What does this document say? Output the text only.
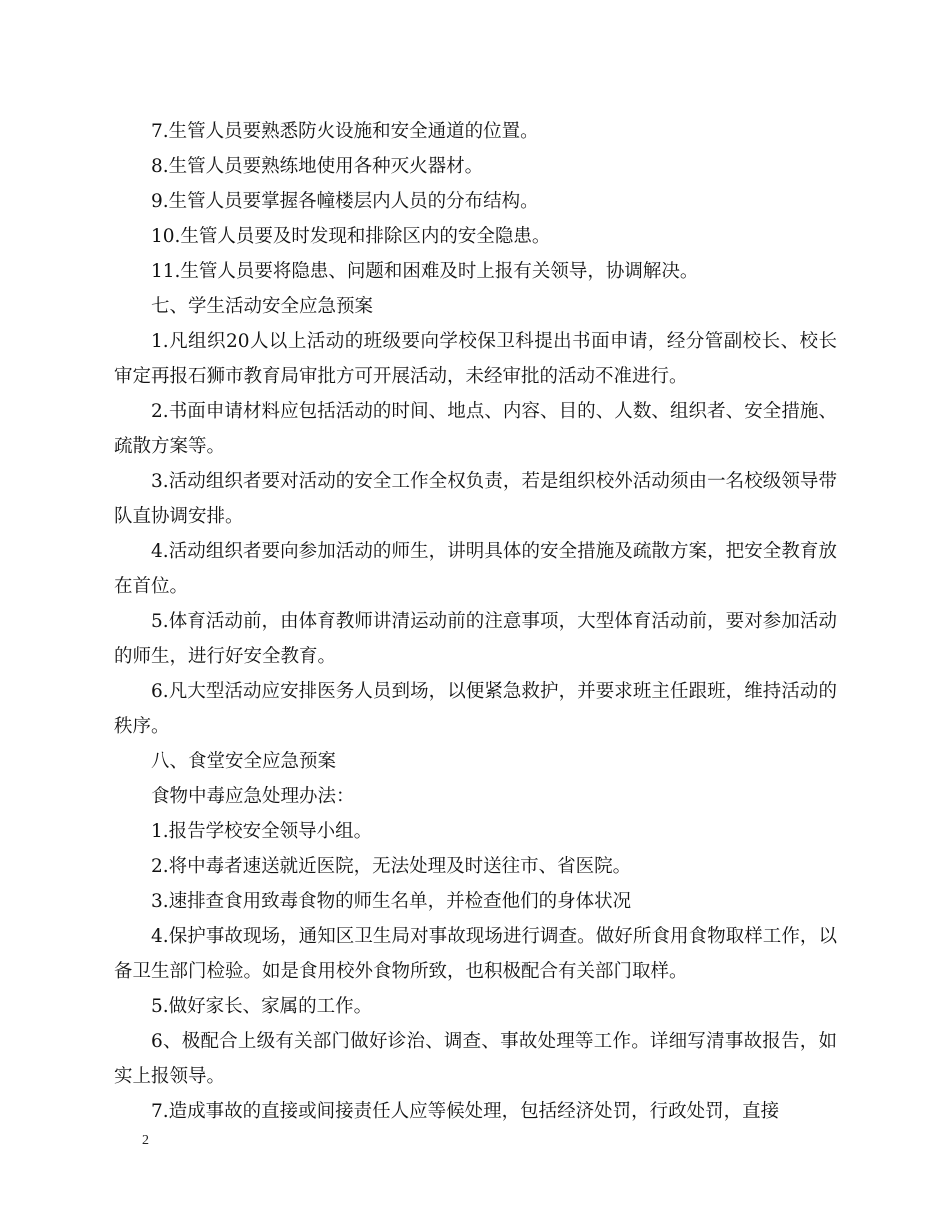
7.生管人员要熟悉防火设施和安全通道的位置。

8.生管人员要熟练地使用各种灭火器材。

9.生管人员要掌握各幢楼层内人员的分布结构。

10.生管人员要及时发现和排除区内的安全隐患。

11.生管人员要将隐患、问题和困难及时上报有关领导，协调解决。

七、学生活动安全应急预案

1.凡组织20人以上活动的班级要向学校保卫科提出书面申请，经分管副校长、校长审定再报石狮市教育局审批方可开展活动，未经审批的活动不准进行。

2.书面申请材料应包括活动的时间、地点、内容、目的、人数、组织者、安全措施、疏散方案等。

3.活动组织者要对活动的安全工作全权负责，若是组织校外活动须由一名校级领导带队直协调安排。

4.活动组织者要向参加活动的师生，讲明具体的安全措施及疏散方案，把安全教育放在首位。

5.体育活动前，由体育教师讲清运动前的注意事项，大型体育活动前，要对参加活动的师生，进行好安全教育。

6.凡大型活动应安排医务人员到场，以便紧急救护，并要求班主任跟班，维持活动的秩序。

八、食堂安全应急预案

食物中毒应急处理办法：

1.报告学校安全领导小组。

2.将中毒者速送就近医院，无法处理及时送往市、省医院。

3.速排查食用致毒食物的师生名单，并检查他们的身体状况

4.保护事故现场，通知区卫生局对事故现场进行调查。做好所食用食物取样工作，以备卫生部门检验。如是食用校外食物所致，也积极配合有关部门取样。

5.做好家长、家属的工作。

6、极配合上级有关部门做好诊治、调查、事故处理等工作。详细写清事故报告，如实上报领导。

7.造成事故的直接或间接责任人应等候处理，包括经济处罚，行政处罚，直接

2
